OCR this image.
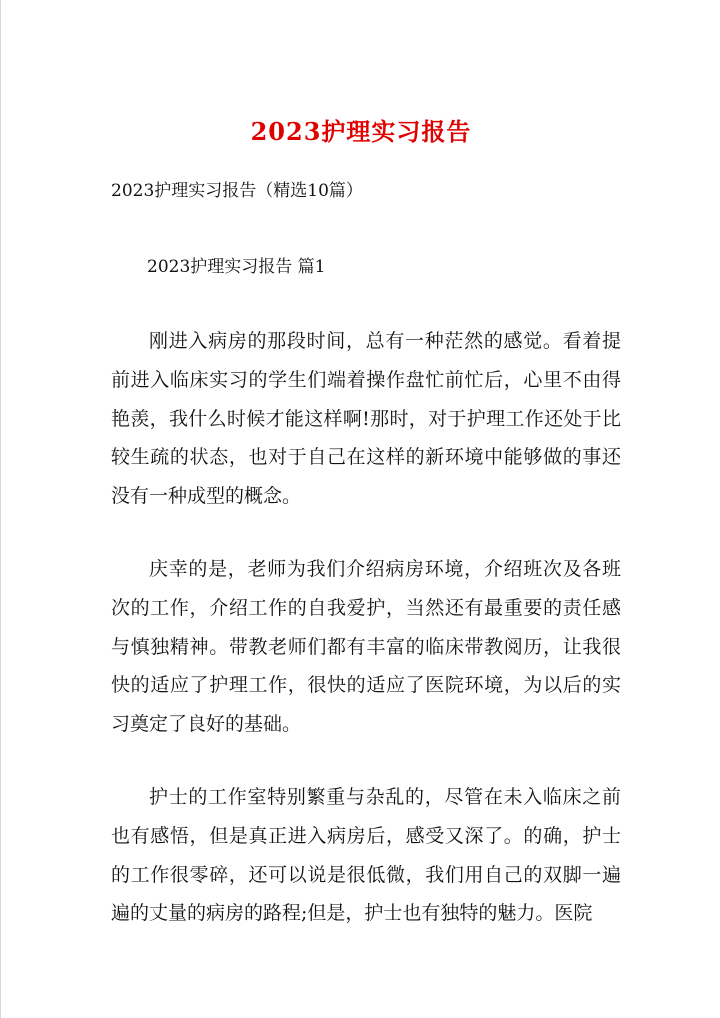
2023护理实习报告
2023护理实习报告（精选10篇）
2023护理实习报告 篇1

刚进入病房的那段时间，总有一种茫然的感觉。看着提前进入临床实习的学生们端着操作盘忙前忙后，心里不由得艳羡，我什么时候才能这样啊!那时，对于护理工作还处于比较生疏的状态，也对于自己在这样的新环境中能够做的事还没有一种成型的概念。

庆幸的是，老师为我们介绍病房环境，介绍班次及各班次的工作，介绍工作的自我爱护，当然还有最重要的责任感与慎独精神。带教老师们都有丰富的临床带教阅历，让我很快的适应了护理工作，很快的适应了医院环境，为以后的实习奠定了良好的基础。

护士的工作室特别繁重与杂乱的，尽管在未入临床之前也有感悟，但是真正进入病房后，感受又深了。的确，护士的工作很零碎，还可以说是很低微，我们用自己的双脚一遍遍的丈量的病房的路程;但是，护士也有独特的魅力。医院
